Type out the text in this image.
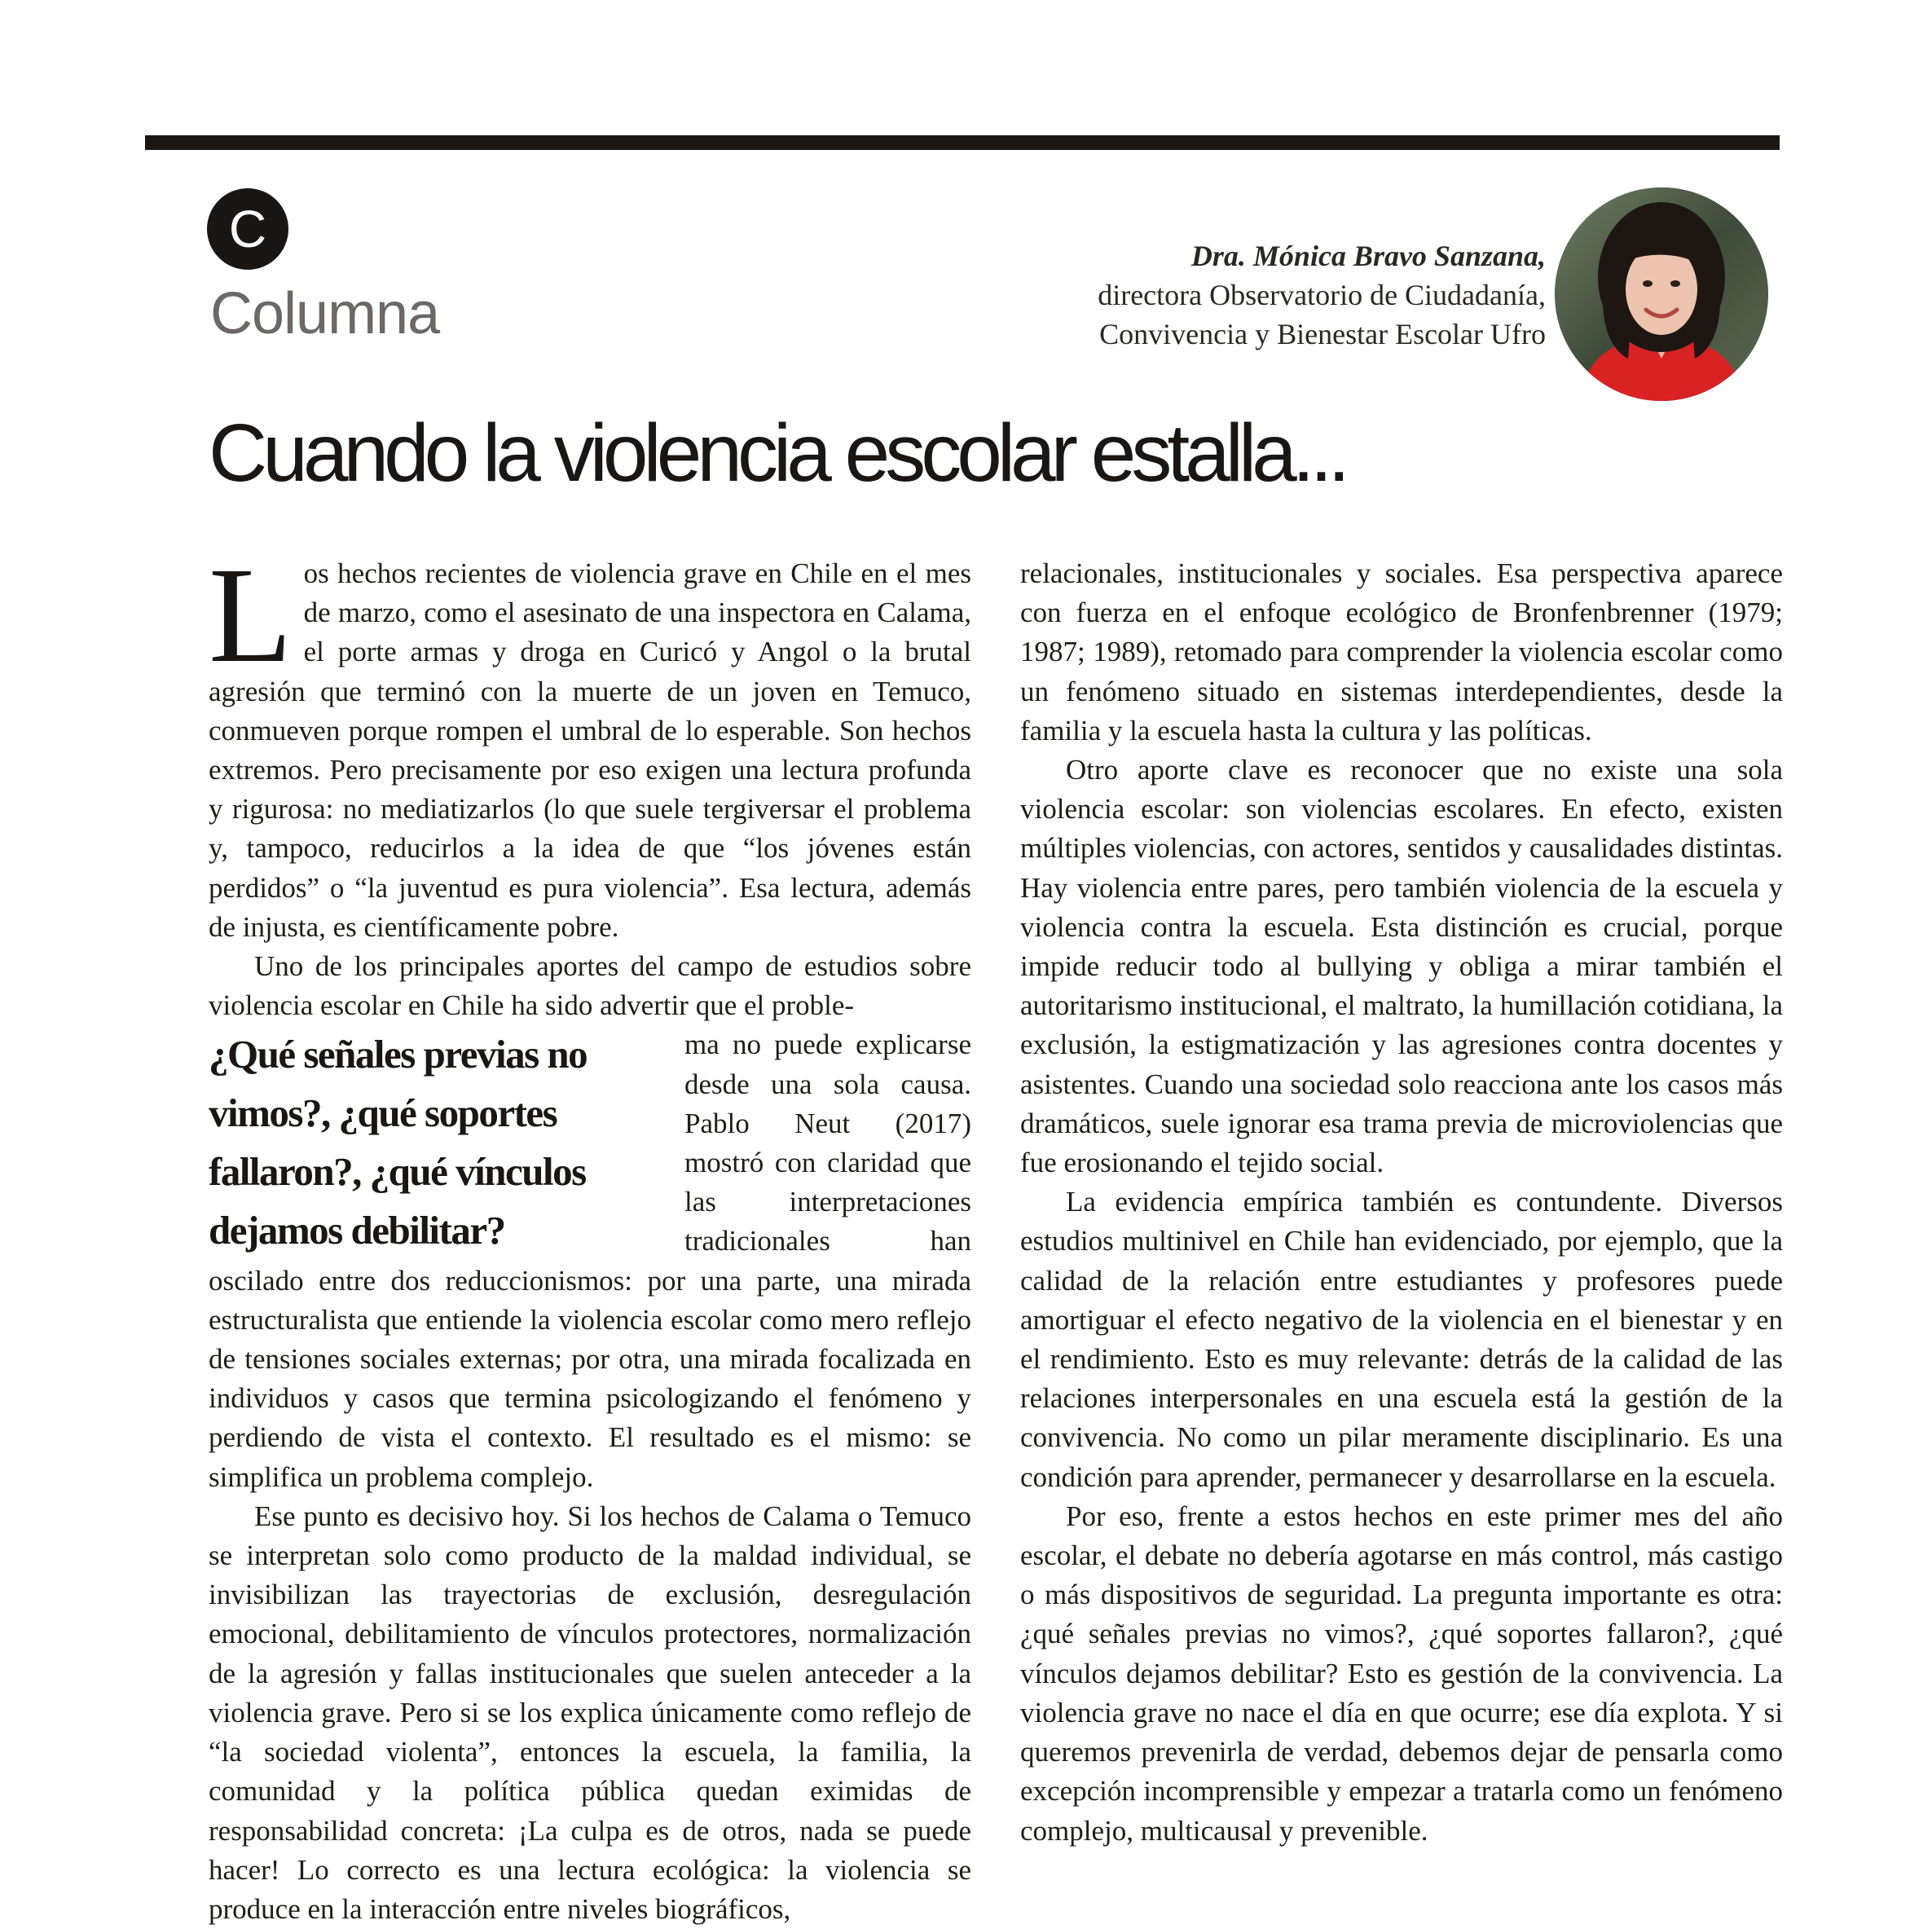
C
Columna
Dra. Mónica Bravo Sanzana,
directora Observatorio de Ciudadanía,
Convivencia y Bienestar Escolar Ufro
Cuando la violencia escolar estalla...

Los hechos recientes de violencia grave en Chile en el mes de marzo, como el asesinato de una inspectora en Calama, el porte armas y droga en Curicó y Angol o la brutal agresión que terminó con la muerte de un joven en Temuco, conmueven porque rompen el umbral de lo esperable. Son hechos extremos. Pero precisamente por eso exigen una lectura profunda y rigurosa: no mediatizarlos (lo que suele tergiversar el problema y, tampoco, reducirlos a la idea de que “los jóvenes están perdidos” o “la juventud es pura violencia”. Esa lectura, además de injusta, es científicamente pobre.

Uno de los principales aportes del campo de estudios sobre violencia escolar en Chile ha sido advertir que el proble-

¿Qué señales previas no vimos?, ¿qué soportes fallaron?, ¿qué vínculos dejamos debilitar?
ma no puede explicarse desde una sola causa. Pablo Neut (2017) mostró con claridad que las interpretaciones tradicionales han oscilado entre dos reduccionismos: por una parte, una mirada estructuralista que entiende la violencia escolar como mero reflejo de tensiones sociales externas; por otra, una mirada focalizada en individuos y casos que termina psicologizando el fenómeno y perdiendo de vista el contexto. El resultado es el mismo: se simplifica un problema complejo.

Ese punto es decisivo hoy. Si los hechos de Calama o Temuco se interpretan solo como producto de la maldad individual, se invisibilizan las trayectorias de exclusión, desregulación emocional, debilitamiento de vínculos protectores, normalización de la agresión y fallas institucionales que suelen anteceder a la violencia grave. Pero si se los explica únicamente como reflejo de “la sociedad violenta”, entonces la escuela, la familia, la comunidad y la política pública quedan eximidas de responsabilidad concreta: ¡La culpa es de otros, nada se puede hacer! Lo correcto es una lectura ecológica: la violencia se produce en la interacción entre niveles biográficos,

relacionales, institucionales y sociales. Esa perspectiva aparece con fuerza en el enfoque ecológico de Bronfenbrenner (1979; 1987; 1989), retomado para comprender la violencia escolar como un fenómeno situado en sistemas interdependientes, desde la familia y la escuela hasta la cultura y las políticas.

Otro aporte clave es reconocer que no existe una sola violencia escolar: son violencias escolares. En efecto, existen múltiples violencias, con actores, sentidos y causalidades distintas. Hay violencia entre pares, pero también violencia de la escuela y violencia contra la escuela. Esta distinción es crucial, porque impide reducir todo al bullying y obliga a mirar también el autoritarismo institucional, el maltrato, la humillación cotidiana, la exclusión, la estigmatización y las agresiones contra docentes y asistentes. Cuando una sociedad solo reacciona ante los casos más dramáticos, suele ignorar esa trama previa de microviolencias que fue erosionando el tejido social.

La evidencia empírica también es contundente. Diversos estudios multinivel en Chile han evidenciado, por ejemplo, que la calidad de la relación entre estudiantes y profesores puede amortiguar el efecto negativo de la violencia en el bienestar y en el rendimiento. Esto es muy relevante: detrás de la calidad de las relaciones interpersonales en una escuela está la gestión de la convivencia. No como un pilar meramente disciplinario. Es una condición para aprender, permanecer y desarrollarse en la escuela.

Por eso, frente a estos hechos en este primer mes del año escolar, el debate no debería agotarse en más control, más castigo o más dispositivos de seguridad. La pregunta importante es otra: ¿qué señales previas no vimos?, ¿qué soportes fallaron?, ¿qué vínculos dejamos debilitar? Esto es gestión de la convivencia. La violencia grave no nace el día en que ocurre; ese día explota. Y si queremos prevenirla de verdad, debemos dejar de pensarla como excepción incomprensible y empezar a tratarla como un fenómeno complejo, multicausal y prevenible.
